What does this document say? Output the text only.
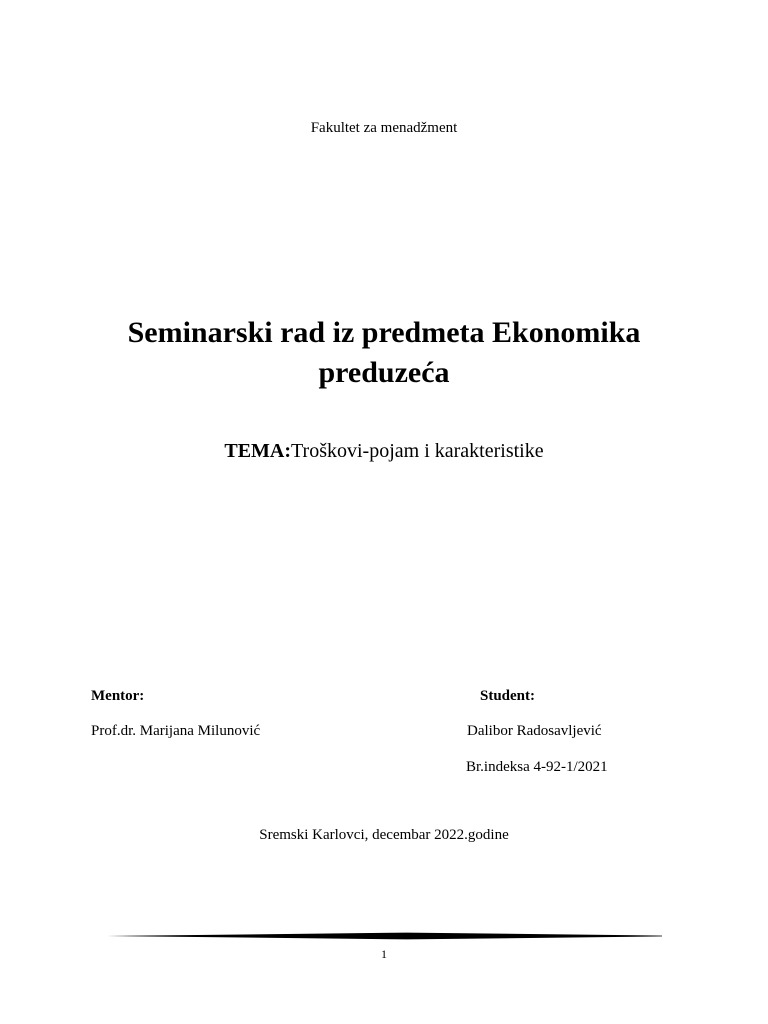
Fakultet za menadžment
Seminarski rad iz predmeta Ekonomika preduzeća
TEMA:Troškovi-pojam i karakteristike
Mentor:
Prof.dr. Marijana Milunović
Student:
Dalibor Radosavljević
Br.indeksa 4-92-1/2021
Sremski Karlovci, decembar 2022.godine
1
